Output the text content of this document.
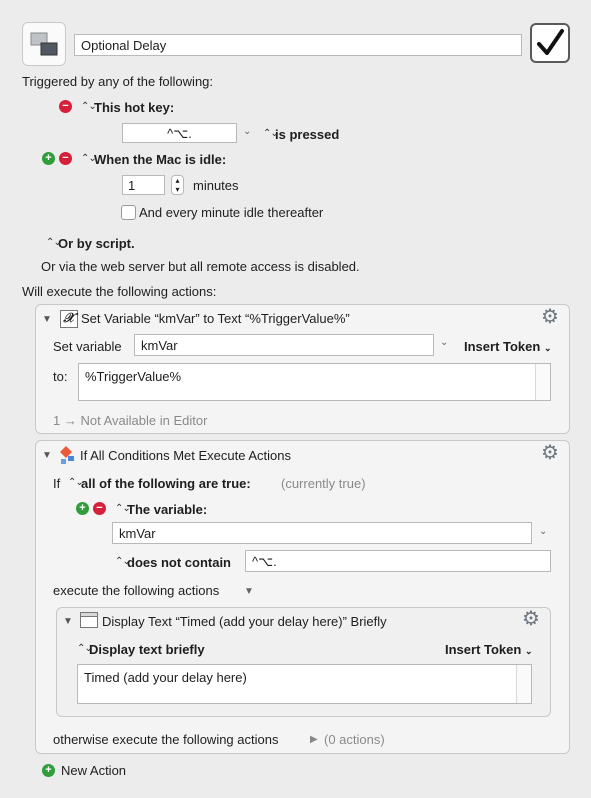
Optional Delay
Triggered by any of the following:
−	⌃⌄
This hot key:
^⌥.	⌄ ⌃⌄
is pressed
+ −	⌃⌄
When the Mac is idle:
1	▴
▾	minutes
And every minute idle thereafter
⌃⌄
Or by script.
Or via the web server but all remote access is disabled.
Will execute the following actions:
▼ 𝒳 Set Variable “kmVar” to Text “%TriggerValue%”	⚙
Set variable	kmVar	⌄ Insert Token ⌄
to:	%TriggerValue%
1 → Not Available in Editor
▼ If All Conditions Met Execute Actions	⚙
If ⌃⌄
all of the following are true: (currently true)
+ −	⌃⌄
The variable:
kmVar	⌄
⌃⌄
does not contain	^⌥.
execute the following actions ▼
▼ Display Text “Timed (add your delay here)” Briefly	⚙
⌃⌄
Display text briefly	Insert Token ⌄
Timed (add your delay here)
otherwise execute the following actions	▶ (0 actions)
+ New Action
